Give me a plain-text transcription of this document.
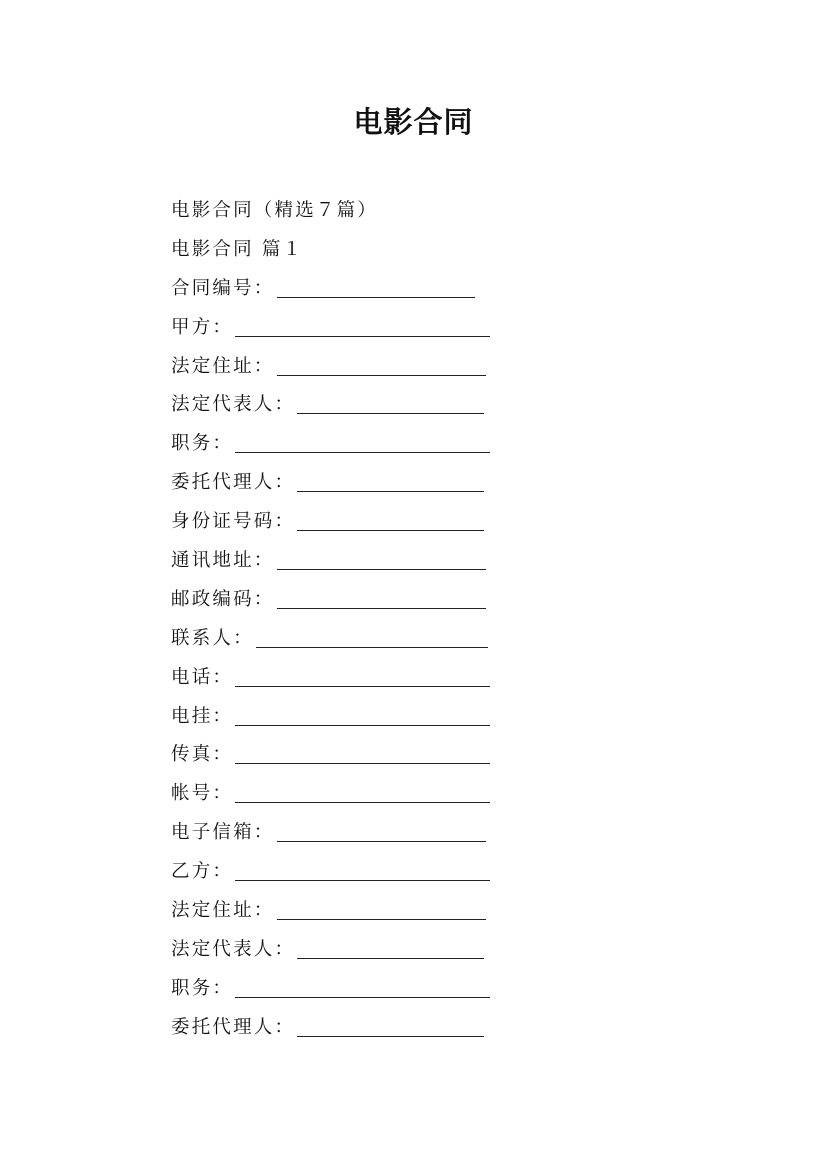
电影合同
电影合同（精选７篇）
电影合同 篇１
合同编号：
甲方：
法定住址：
法定代表人：
职务：
委托代理人：
身份证号码：
通讯地址：
邮政编码：
联系人：
电话：
电挂：
传真：
帐号：
电子信箱：
乙方：
法定住址：
法定代表人：
职务：
委托代理人：
